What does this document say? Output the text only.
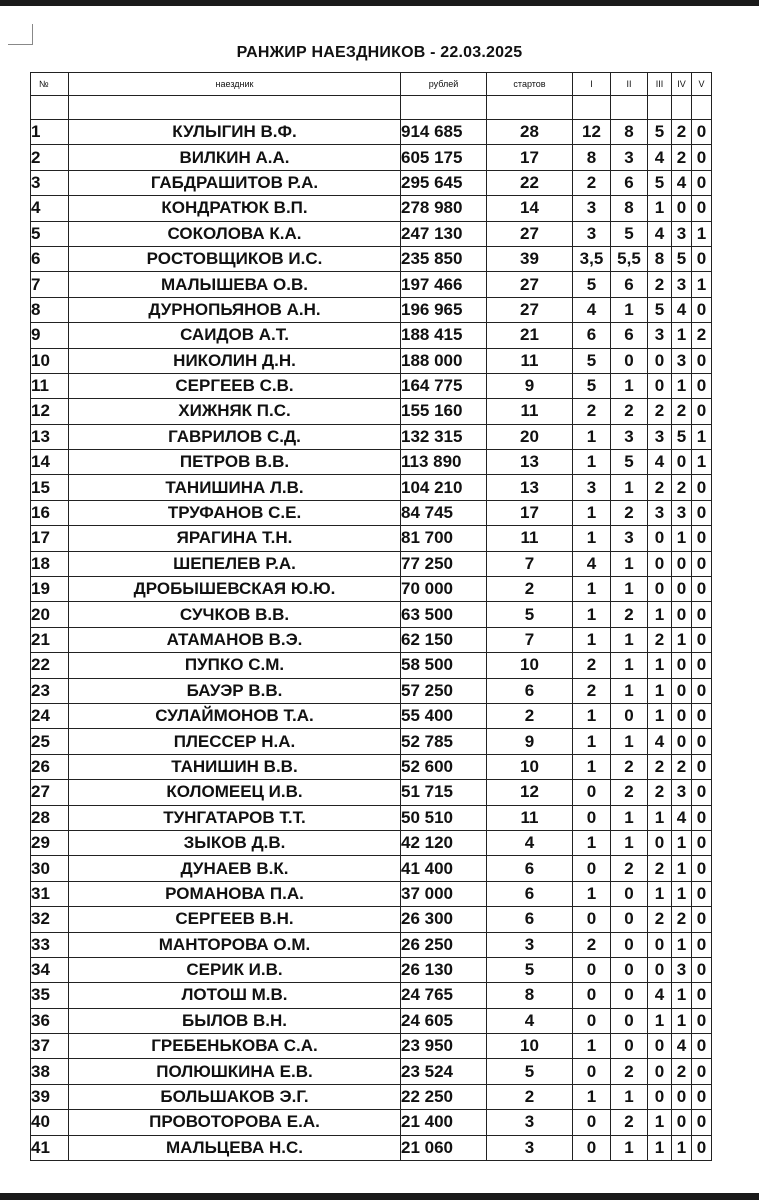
РАНЖИР НАЕЗДНИКОВ - 22.03.2025
№	наездник	рублей	стартов	I	II	III	IV	V

1	КУЛЫГИН В.Ф.	914 685	28	12	8	5	2	0
2	ВИЛКИН А.А.	605 175	17	8	3	4	2	0
3	ГАБДРАШИТОВ Р.А.	295 645	22	2	6	5	4	0
4	КОНДРАТЮК В.П.	278 980	14	3	8	1	0	0
5	СОКОЛОВА К.А.	247 130	27	3	5	4	3	1
6	РОСТОВЩИКОВ И.С.	235 850	39	3,5	5,5	8	5	0
7	МАЛЫШЕВА О.В.	197 466	27	5	6	2	3	1
8	ДУРНОПЬЯНОВ А.Н.	196 965	27	4	1	5	4	0
9	САИДОВ А.Т.	188 415	21	6	6	3	1	2
10	НИКОЛИН Д.Н.	188 000	11	5	0	0	3	0
11	СЕРГЕЕВ С.В.	164 775	9	5	1	0	1	0
12	ХИЖНЯК П.С.	155 160	11	2	2	2	2	0
13	ГАВРИЛОВ С.Д.	132 315	20	1	3	3	5	1
14	ПЕТРОВ В.В.	113 890	13	1	5	4	0	1
15	ТАНИШИНА Л.В.	104 210	13	3	1	2	2	0
16	ТРУФАНОВ С.Е.	84 745	17	1	2	3	3	0
17	ЯРАГИНА Т.Н.	81 700	11	1	3	0	1	0
18	ШЕПЕЛЕВ Р.А.	77 250	7	4	1	0	0	0
19	ДРОБЫШЕВСКАЯ Ю.Ю.	70 000	2	1	1	0	0	0
20	СУЧКОВ В.В.	63 500	5	1	2	1	0	0
21	АТАМАНОВ В.Э.	62 150	7	1	1	2	1	0
22	ПУПКО С.М.	58 500	10	2	1	1	0	0
23	БАУЭР В.В.	57 250	6	2	1	1	0	0
24	СУЛАЙМОНОВ Т.А.	55 400	2	1	0	1	0	0
25	ПЛЕССЕР Н.А.	52 785	9	1	1	4	0	0
26	ТАНИШИН В.В.	52 600	10	1	2	2	2	0
27	КОЛОМЕЕЦ И.В.	51 715	12	0	2	2	3	0
28	ТУНГАТАРОВ Т.Т.	50 510	11	0	1	1	4	0
29	ЗЫКОВ Д.В.	42 120	4	1	1	0	1	0
30	ДУНАЕВ В.К.	41 400	6	0	2	2	1	0
31	РОМАНОВА П.А.	37 000	6	1	0	1	1	0
32	СЕРГЕЕВ В.Н.	26 300	6	0	0	2	2	0
33	МАНТОРОВА О.М.	26 250	3	2	0	0	1	0
34	СЕРИК И.В.	26 130	5	0	0	0	3	0
35	ЛОТОШ М.В.	24 765	8	0	0	4	1	0
36	БЫЛОВ В.Н.	24 605	4	0	0	1	1	0
37	ГРЕБЕНЬКОВА С.А.	23 950	10	1	0	0	4	0
38	ПОЛЮШКИНА Е.В.	23 524	5	0	2	0	2	0
39	БОЛЬШАКОВ Э.Г.	22 250	2	1	1	0	0	0
40	ПРОВОТОРОВА Е.А.	21 400	3	0	2	1	0	0
41	МАЛЬЦЕВА Н.С.	21 060	3	0	1	1	1	0
